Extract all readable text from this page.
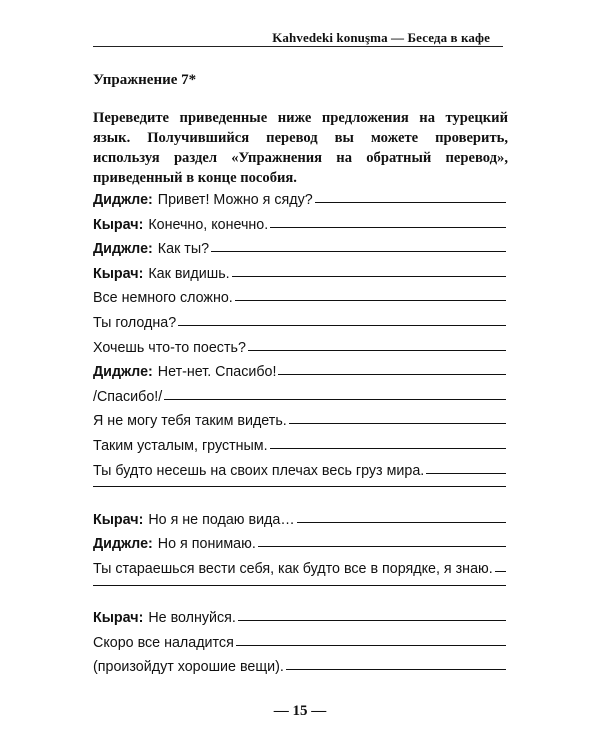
Kahvedeki konuşma — Беседа в кафе
Упражнение 7*
Переведите приведенные ниже предложения на турецкий язык. Получившийся перевод вы можете проверить, используя раздел «Упражнения на обратный перевод», приведенный в конце пособия.
Диджле: Привет! Можно я сяду?
Кырач: Конечно, конечно.
Диджле: Как ты?
Кырач: Как видишь.
Все немного сложно.
Ты голодна?
Хочешь что-то поесть?
Диджле: Нет-нет. Спасибо!
/Спасибо!/
Я не могу тебя таким видеть.
Таким усталым, грустным.
Ты будто несешь на своих плечах весь груз мира.
Кырач: Но я не подаю вида…
Диджле: Но я понимаю.
Ты стараешься вести себя, как будто все в порядке, я знаю.
Кырач: Не волнуйся.
Скоро все наладится
(произойдут хорошие вещи).
— 15 —
